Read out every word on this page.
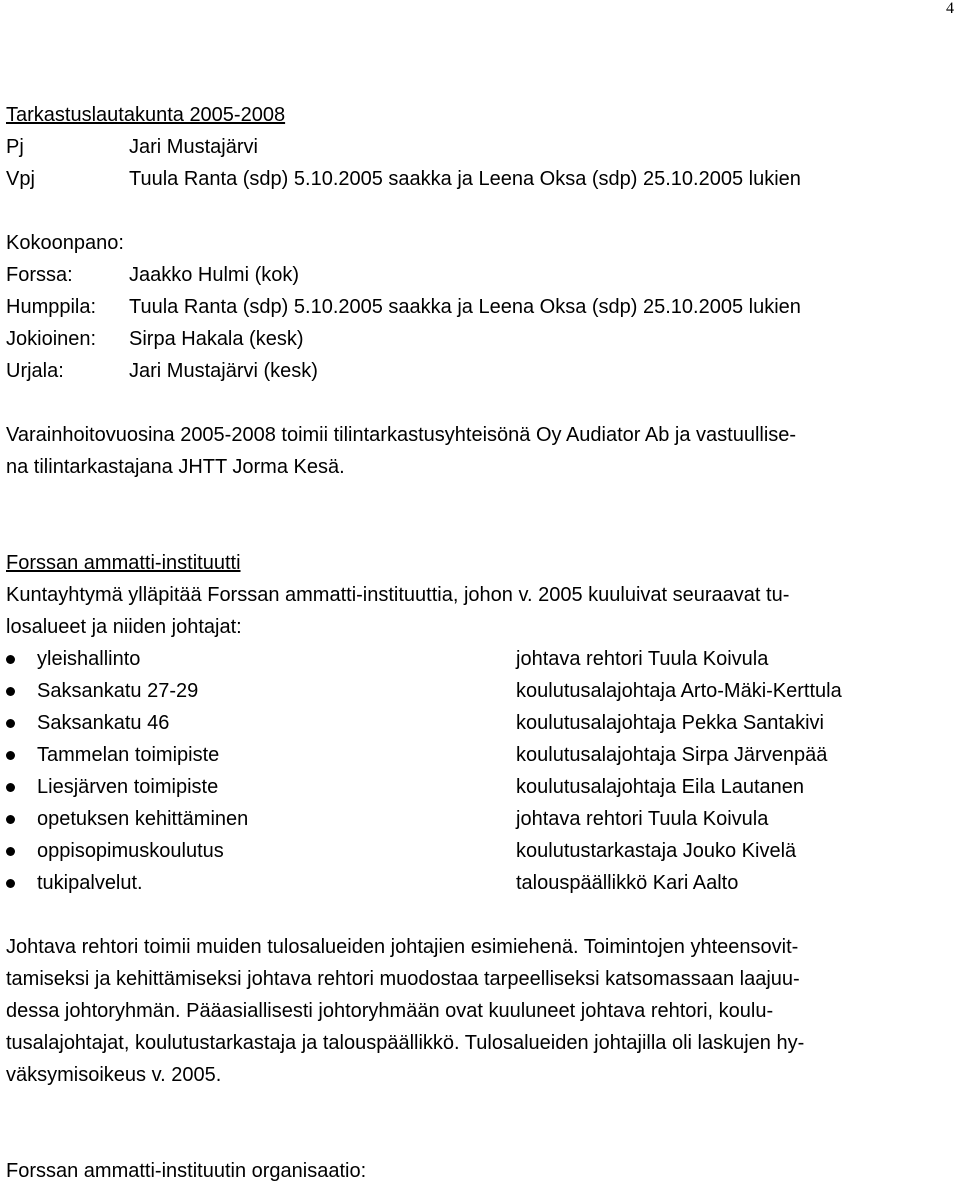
4
Tarkastuslautakunta 2005-2008
Pj	Jari Mustajärvi
Vpj	Tuula Ranta (sdp) 5.10.2005 saakka ja Leena Oksa (sdp) 25.10.2005 lukien
Kokoonpano:
Forssa:	Jaakko Hulmi (kok)
Humppila:	Tuula Ranta (sdp) 5.10.2005 saakka ja Leena Oksa (sdp) 25.10.2005 lukien
Jokioinen:	Sirpa Hakala (kesk)
Urjala:	Jari Mustajärvi (kesk)
Varainhoitovuosina 2005-2008 toimii tilintarkastusyhteisönä Oy Audiator Ab ja vastuullise-
na tilintarkastajana JHTT Jorma Kesä.
Forssan ammatti-instituutti
Kuntayhtymä ylläpitää Forssan ammatti-instituuttia, johon v. 2005 kuuluivat seuraavat tu-
losalueet ja niiden johtajat:
yleishallinto	johtava rehtori Tuula Koivula
Saksankatu 27-29	koulutusalajohtaja Arto-Mäki-Kerttula
Saksankatu 46	koulutusalajohtaja Pekka Santakivi
Tammelan toimipiste	koulutusalajohtaja Sirpa Järvenpää
Liesjärven toimipiste	koulutusalajohtaja Eila Lautanen
opetuksen kehittäminen	johtava rehtori Tuula Koivula
oppisopimuskoulutus	koulutustarkastaja Jouko Kivelä
tukipalvelut.	talouspäällikkö Kari Aalto
Johtava rehtori toimii muiden tulosalueiden johtajien esimiehenä. Toimintojen yhteensovit-
tamiseksi ja kehittämiseksi johtava rehtori muodostaa tarpeelliseksi katsomassaan laajuu-
dessa johtoryhmän. Pääasiallisesti johtoryhmään ovat kuuluneet johtava rehtori, koulu-
tusalajohtajat, koulutustarkastaja ja talouspäällikkö. Tulosalueiden johtajilla oli laskujen hy-
väksymisoikeus v. 2005.
Forssan ammatti-instituutin organisaatio:
